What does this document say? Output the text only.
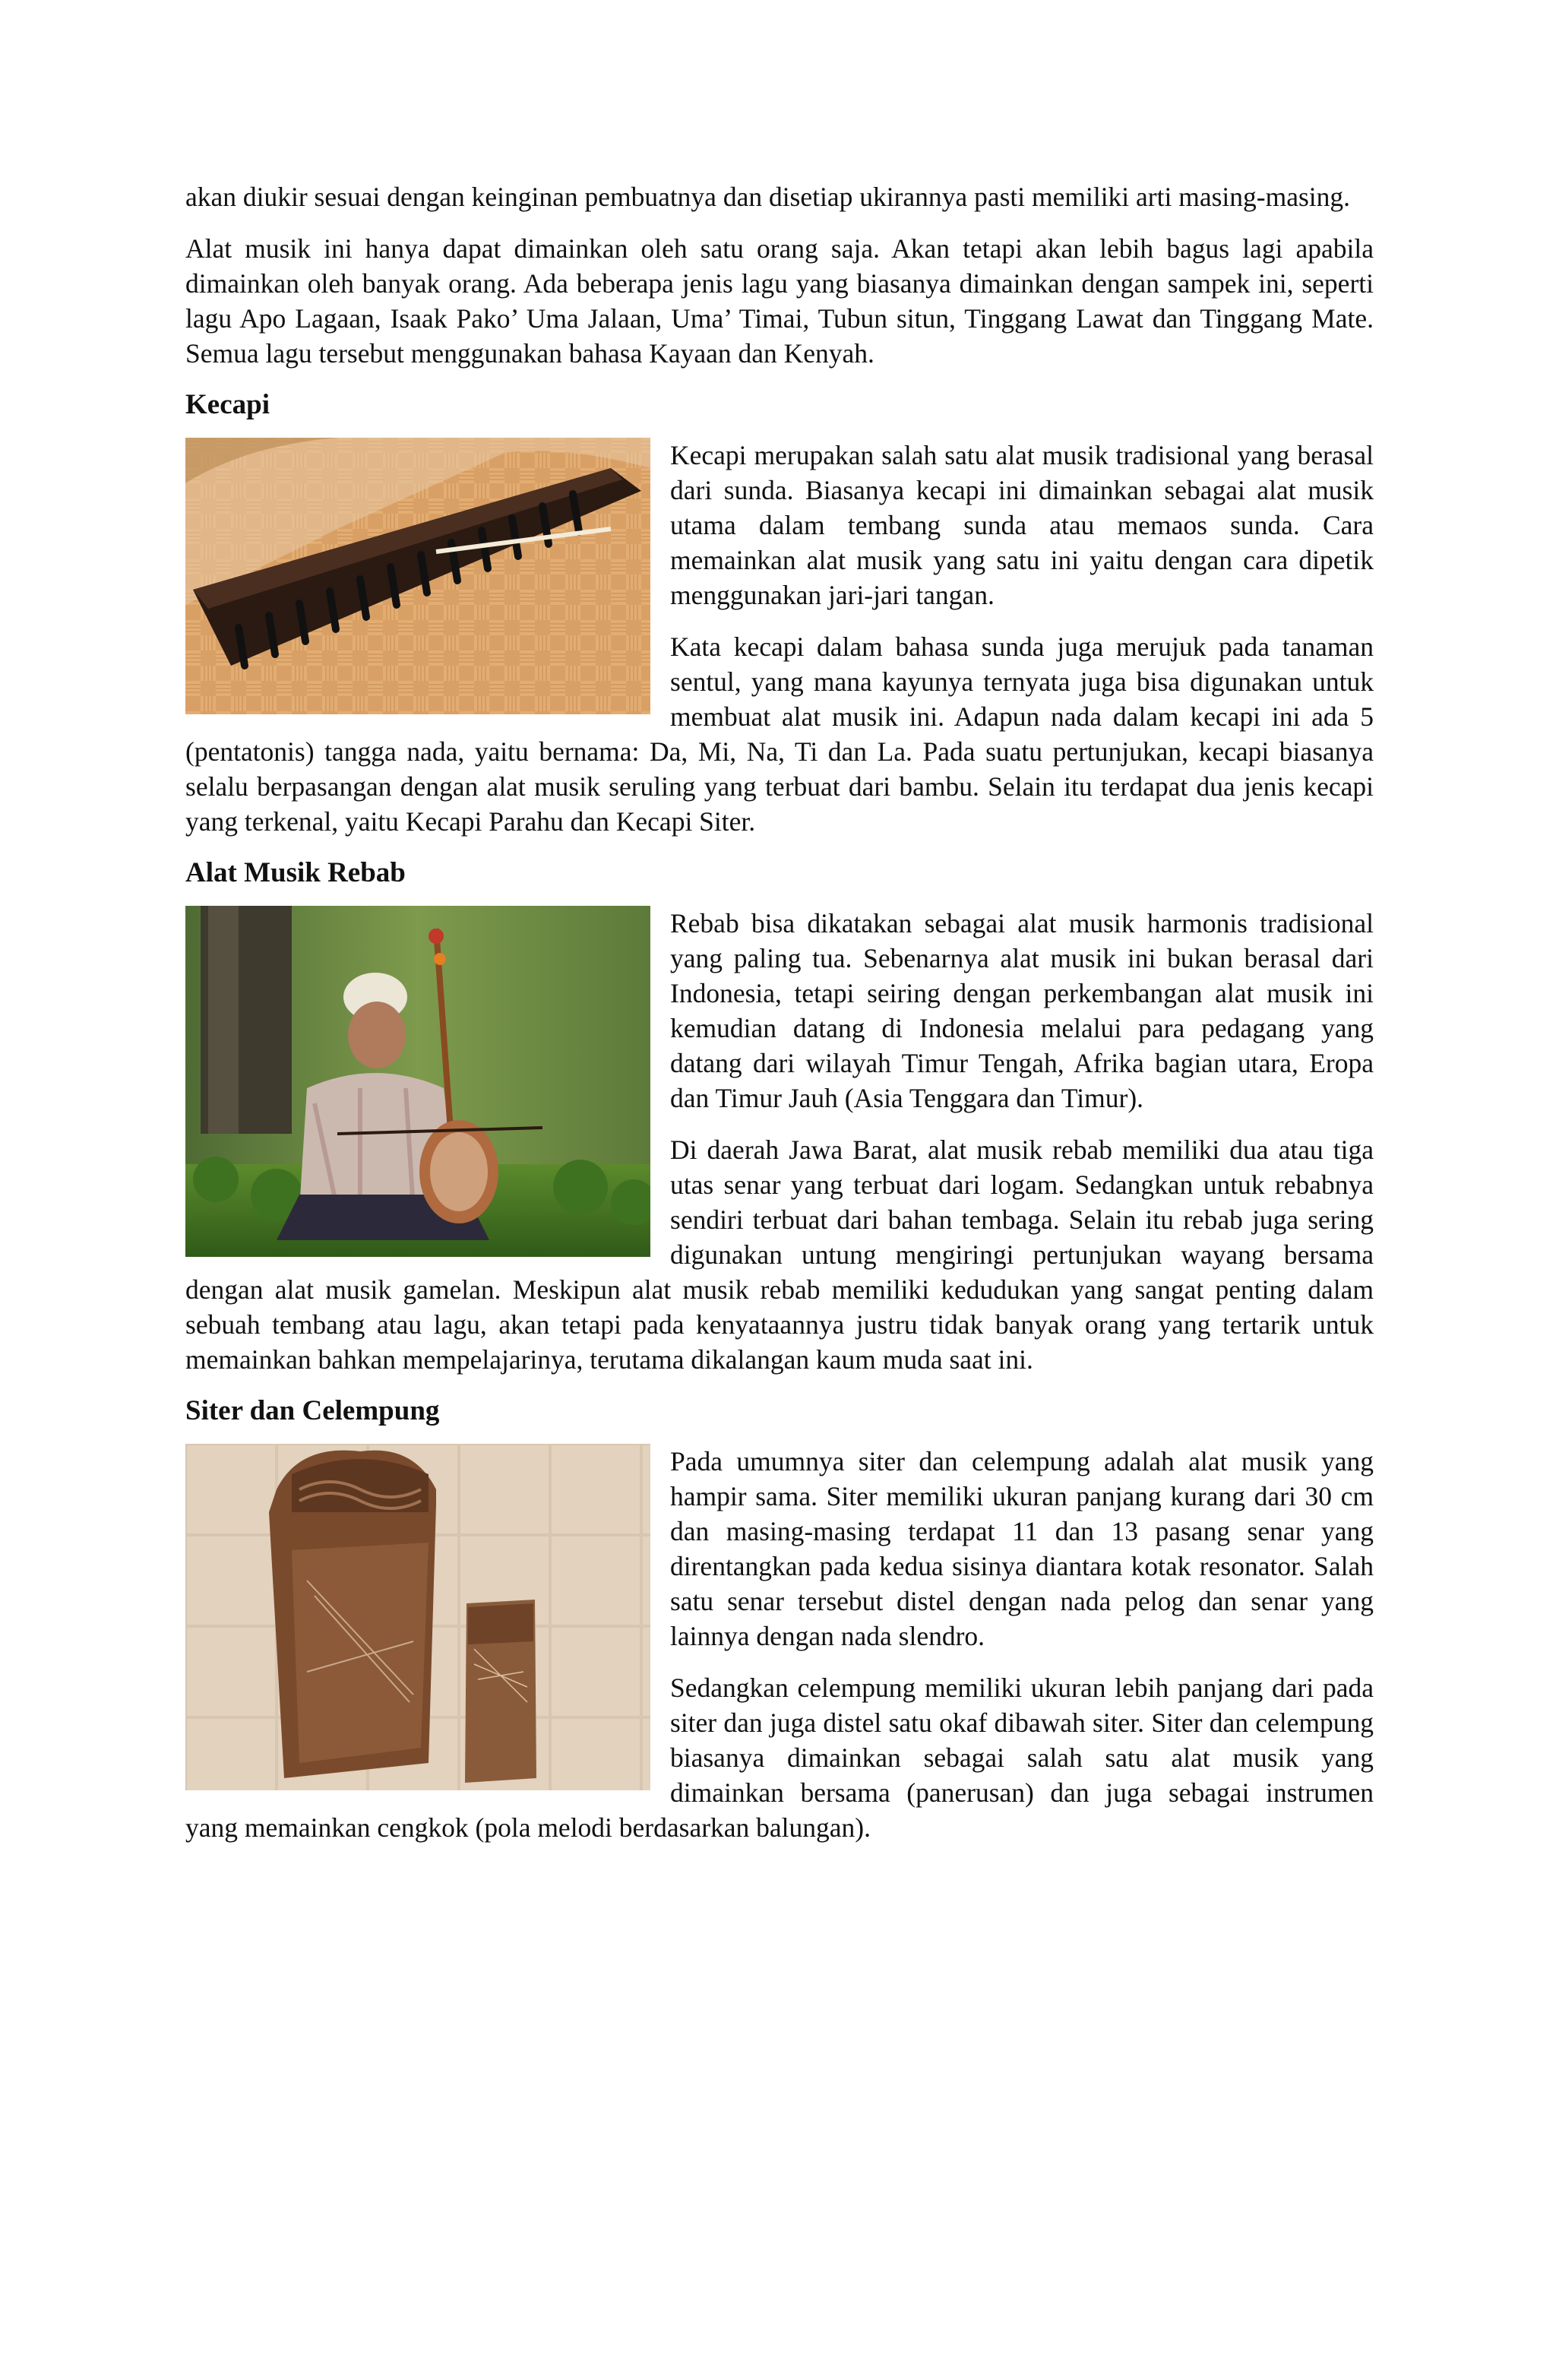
akan diukir sesuai dengan keinginan pembuatnya dan disetiap ukirannya pasti memiliki arti masing-masing.

Alat musik ini hanya dapat dimainkan oleh satu orang saja. Akan tetapi akan lebih bagus lagi apabila dimainkan oleh banyak orang. Ada beberapa jenis lagu yang biasanya dimainkan dengan sampek ini, seperti lagu Apo Lagaan, Isaak Pako’ Uma Jalaan, Uma’ Timai, Tubun situn, Tinggang Lawat dan Tinggang Mate. Semua lagu tersebut menggunakan bahasa Kayaan dan Kenyah.

Kecapi

Kecapi merupakan salah satu alat musik tradisional yang berasal dari sunda. Biasanya kecapi ini dimainkan sebagai alat musik utama dalam tembang sunda atau memaos sunda. Cara memainkan alat musik yang satu ini yaitu dengan cara dipetik menggunakan jari-jari tangan.

Kata kecapi dalam bahasa sunda juga merujuk pada tanaman sentul, yang mana kayunya ternyata juga bisa digunakan untuk membuat alat musik ini. Adapun nada dalam kecapi ini ada 5 (pentatonis) tangga nada, yaitu bernama: Da, Mi, Na, Ti dan La. Pada suatu pertunjukan, kecapi biasanya selalu berpasangan dengan alat musik seruling yang terbuat dari bambu. Selain itu terdapat dua jenis kecapi yang terkenal, yaitu Kecapi Parahu dan Kecapi Siter.

Alat Musik Rebab

Rebab bisa dikatakan sebagai alat musik harmonis tradisional yang paling tua. Sebenarnya alat musik ini bukan berasal dari Indonesia, tetapi seiring dengan perkembangan alat musik ini kemudian datang di Indonesia melalui para pedagang yang datang dari wilayah Timur Tengah, Afrika bagian utara, Eropa dan Timur Jauh (Asia Tenggara dan Timur).

Di daerah Jawa Barat, alat musik rebab memiliki dua atau tiga utas senar yang terbuat dari logam. Sedangkan untuk rebabnya sendiri terbuat dari bahan tembaga. Selain itu rebab juga sering digunakan untung mengiringi pertunjukan wayang bersama dengan alat musik gamelan. Meskipun alat musik rebab memiliki kedudukan yang sangat penting dalam sebuah tembang atau lagu, akan tetapi pada kenyataannya justru tidak banyak orang yang tertarik untuk memainkan bahkan mempelajarinya, terutama dikalangan kaum muda saat ini.

Siter dan Celempung

Pada umumnya siter dan celempung adalah alat musik yang hampir sama. Siter memiliki ukuran panjang kurang dari 30 cm dan masing-masing terdapat 11 dan 13 pasang senar yang direntangkan pada kedua sisinya diantara kotak resonator. Salah satu senar tersebut distel dengan nada pelog dan senar yang lainnya dengan nada slendro.

Sedangkan celempung memiliki ukuran lebih panjang dari pada siter dan juga distel satu okaf dibawah siter. Siter dan celempung biasanya dimainkan sebagai salah satu alat musik yang dimainkan bersama (panerusan) dan juga sebagai instrumen yang memainkan cengkok (pola melodi berdasarkan balungan).
